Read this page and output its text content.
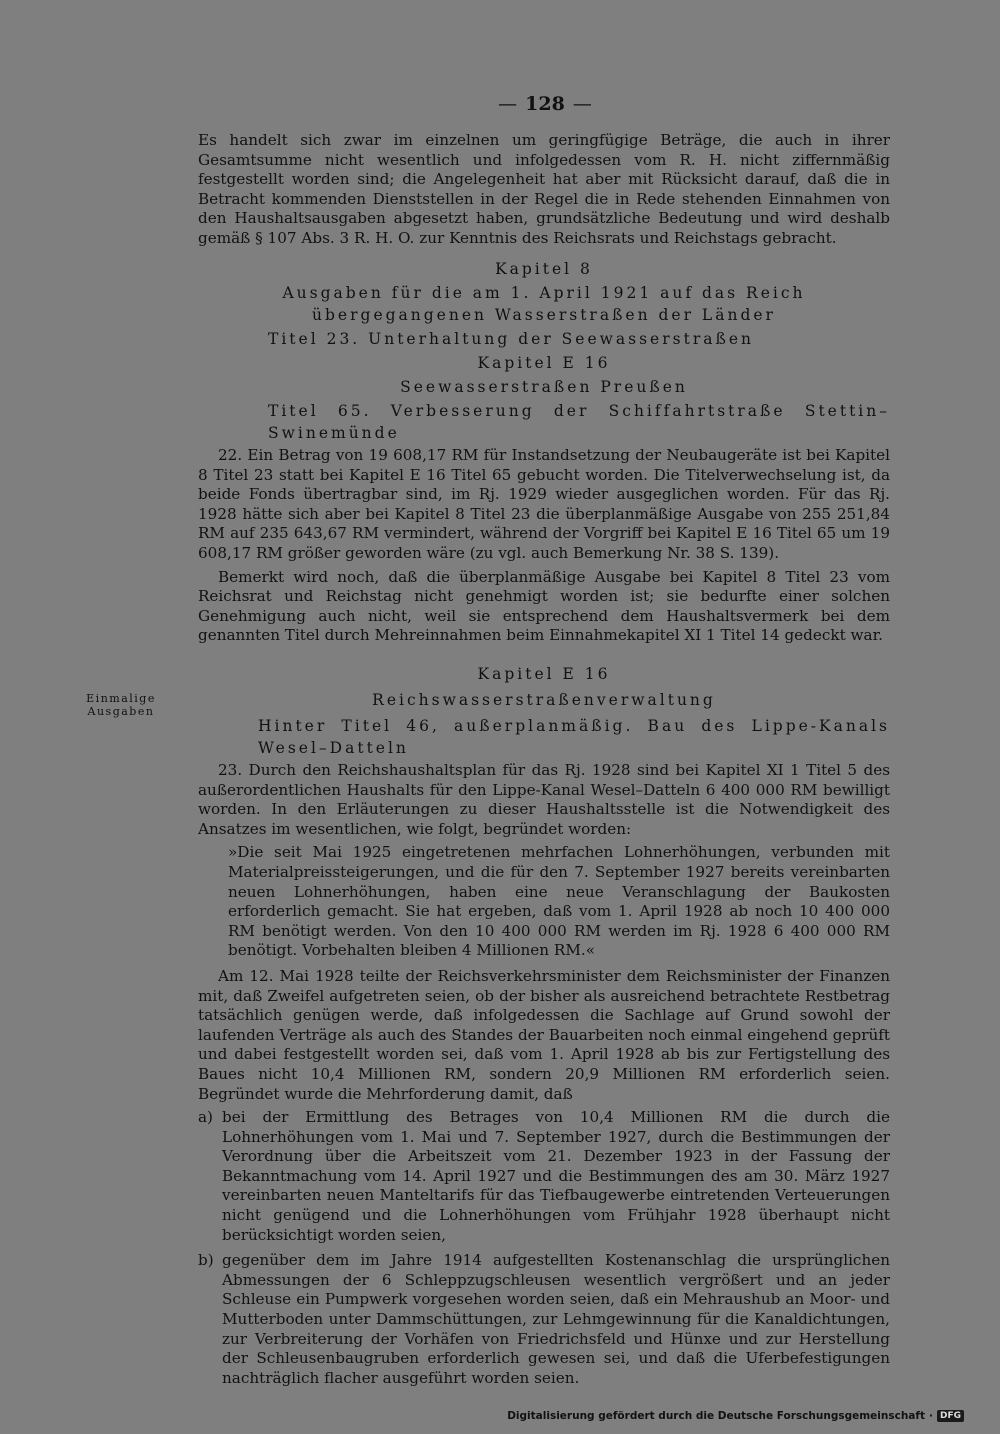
— 128 —

Es handelt sich zwar im einzelnen um geringfügige Beträge, die auch in ihrer Gesamtsumme nicht wesentlich und infolgedessen vom R. H. nicht ziffernmäßig festgestellt worden sind; die Angelegenheit hat aber mit Rücksicht darauf, daß die in Betracht kommenden Dienststellen in der Regel die in Rede stehenden Einnahmen von den Haushaltsausgaben abgesetzt haben, grundsätzliche Bedeutung und wird deshalb gemäß § 107 Abs. 3 R. H. O. zur Kenntnis des Reichsrats und Reichstags gebracht.

Kapitel 8

Ausgaben für die am 1. April 1921 auf das Reich übergegangenen Wasserstraßen der Länder

Titel 23. Unterhaltung der Seewasserstraßen

Kapitel E 16

Seewasserstraßen Preußen

Titel 65. Verbesserung der Schiffahrtstraße Stettin–Swinemünde

22. Ein Betrag von 19 608,17 RM für Instandsetzung der Neubaugeräte ist bei Kapitel 8 Titel 23 statt bei Kapitel E 16 Titel 65 gebucht worden. Die Titelverwechselung ist, da beide Fonds übertragbar sind, im Rj. 1929 wieder ausgeglichen worden. Für das Rj. 1928 hätte sich aber bei Kapitel 8 Titel 23 die überplanmäßige Ausgabe von 255 251,84 RM auf 235 643,67 RM vermindert, während der Vorgriff bei Kapitel E 16 Titel 65 um 19 608,17 RM größer geworden wäre (zu vgl. auch Bemerkung Nr. 38 S. 139).

Bemerkt wird noch, daß die überplanmäßige Ausgabe bei Kapitel 8 Titel 23 vom Reichsrat und Reichstag nicht genehmigt worden ist; sie bedurfte einer solchen Genehmigung auch nicht, weil sie entsprechend dem Haushaltsvermerk bei dem genannten Titel durch Mehreinnahmen beim Einnahmekapitel XI 1 Titel 14 gedeckt war.

Einmalige
Ausgaben

Kapitel E 16

Reichswasserstraßenverwaltung

Hinter Titel 46, außerplanmäßig. Bau des Lippe-Kanals Wesel–Datteln

23. Durch den Reichshaushaltsplan für das Rj. 1928 sind bei Kapitel XI 1 Titel 5 des außerordentlichen Haushalts für den Lippe-Kanal Wesel–Datteln 6 400 000 RM bewilligt worden. In den Erläuterungen zu dieser Haushaltsstelle ist die Notwendigkeit des Ansatzes im wesentlichen, wie folgt, begründet worden:

»Die seit Mai 1925 eingetretenen mehrfachen Lohnerhöhungen, verbunden mit Materialpreissteigerungen, und die für den 7. September 1927 bereits vereinbarten neuen Lohnerhöhungen, haben eine neue Veranschlagung der Baukosten erforderlich gemacht. Sie hat ergeben, daß vom 1. April 1928 ab noch 10 400 000 RM benötigt werden. Von den 10 400 000 RM werden im Rj. 1928 6 400 000 RM benötigt. Vorbehalten bleiben 4 Millionen RM.«

Am 12. Mai 1928 teilte der Reichsverkehrsminister dem Reichsminister der Finanzen mit, daß Zweifel aufgetreten seien, ob der bisher als ausreichend betrachtete Restbetrag tatsächlich genügen werde, daß infolgedessen die Sachlage auf Grund sowohl der laufenden Verträge als auch des Standes der Bauarbeiten noch einmal eingehend geprüft und dabei festgestellt worden sei, daß vom 1. April 1928 ab bis zur Fertigstellung des Baues nicht 10,4 Millionen RM, sondern 20,9 Millionen RM erforderlich seien. Begründet wurde die Mehrforderung damit, daß

a) bei der Ermittlung des Betrages von 10,4 Millionen RM die durch die Lohnerhöhungen vom 1. Mai und 7. September 1927, durch die Bestimmungen der Verordnung über die Arbeitszeit vom 21. Dezember 1923 in der Fassung der Bekanntmachung vom 14. April 1927 und die Bestimmungen des am 30. März 1927 vereinbarten neuen Manteltarifs für das Tiefbaugewerbe eintretenden Verteuerungen nicht genügend und die Lohnerhöhungen vom Frühjahr 1928 überhaupt nicht berücksichtigt worden seien,

b) gegenüber dem im Jahre 1914 aufgestellten Kostenanschlag die ursprünglichen Abmessungen der 6 Schleppzugschleusen wesentlich vergrößert und an jeder Schleuse ein Pumpwerk vorgesehen worden seien, daß ein Mehraushub an Moor- und Mutterboden unter Dammschüttungen, zur Lehmgewinnung für die Kanaldichtungen, zur Verbreiterung der Vorhäfen von Friedrichsfeld und Hünxe und zur Herstellung der Schleusenbaugruben erforderlich gewesen sei, und daß die Uferbefestigungen nachträglich flacher ausgeführt worden seien.

Digitalisierung gefördert durch die Deutsche Forschungsgemeinschaft · DFG
